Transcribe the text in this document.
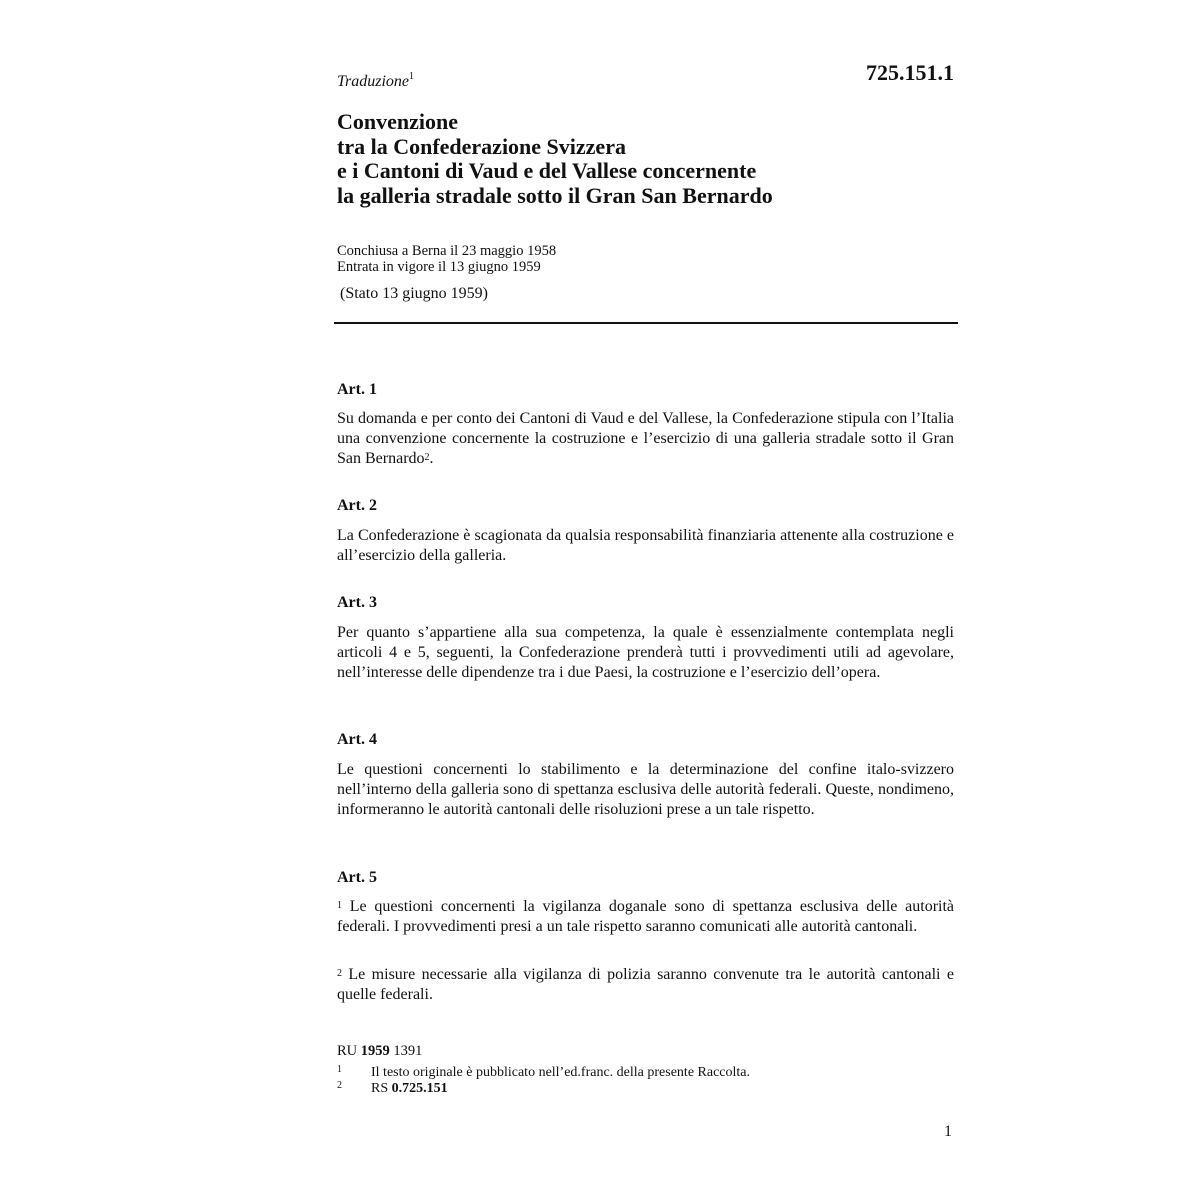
Traduzione$^1$	725.151.1
Convenzione
tra la Confederazione Svizzera
e i Cantoni di Vaud e del Vallese concernente
la galleria stradale sotto il Gran San Bernardo
Conchiusa a Berna il 23 maggio 1958
Entrata in vigore il 13 giugno 1959
(Stato 13 giugno 1959)
Art. 1
Su domanda e per conto dei Cantoni di Vaud e del Vallese, la Confederazione stipula con l’Italia una convenzione concernente la costruzione e l’esercizio di una galleria stradale sotto il Gran San Bernardo$^2$.
Art. 2
La Confederazione è scagionata da qualsia responsabilità finanziaria attenente alla costruzione e all’esercizio della galleria.
Art. 3
Per quanto s’appartiene alla sua competenza, la quale è essenzialmente contemplata negli articoli 4 e 5, seguenti, la Confederazione prenderà tutti i provvedimenti utili ad agevolare, nell’interesse delle dipendenze tra i due Paesi, la costruzione e l’esercizio dell’opera.
Art. 4
Le questioni concernenti lo stabilimento e la determinazione del confine italo-svizzero nell’interno della galleria sono di spettanza esclusiva delle autorità federali. Queste, nondimeno, informeranno le autorità cantonali delle risoluzioni prese a un tale rispetto.
Art. 5
$^1$ Le questioni concernenti la vigilanza doganale sono di spettanza esclusiva delle autorità federali. I provvedimenti presi a un tale rispetto saranno comunicati alle autorità cantonali.
$^2$ Le misure necessarie alla vigilanza di polizia saranno convenute tra le autorità cantonali e quelle federali.
RU 1959 1391
1 Il testo originale è pubblicato nell’ed.franc. della presente Raccolta.
2 RS 0.725.151
1
